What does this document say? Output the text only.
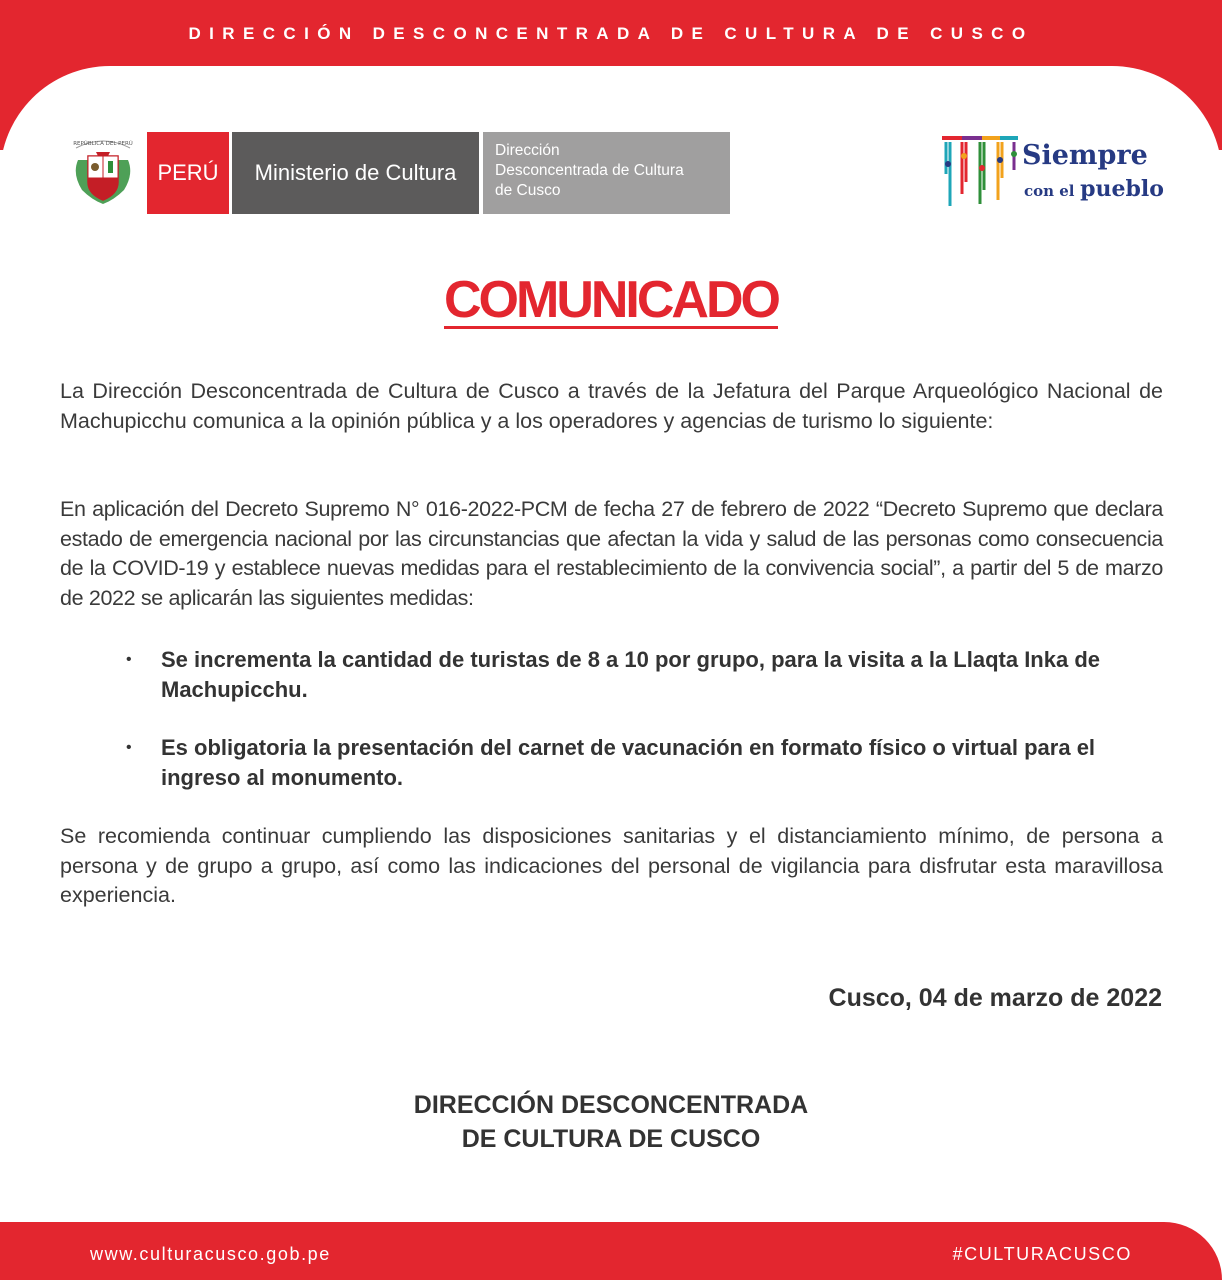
DIRECCIÓN DESCONCENTRADA DE CULTURA DE CUSCO
REPÚBLICA DEL PERÚ
PERÚ	Ministerio de Cultura
Dirección
Desconcentrada de Cultura
de Cusco
Siempre
con el pueblo
COMUNICADO
La Dirección Desconcentrada de Cultura de Cusco a través de la Jefatura del Parque Arqueológico Nacional de Machupicchu comunica a la opinión pública y a los operadores y agencias de turismo lo siguiente:
En aplicación del Decreto Supremo N° 016-2022-PCM de fecha 27 de febrero de 2022 “Decreto Supremo que declara estado de emergencia nacional por las circunstancias que afectan la vida y salud de las personas como consecuencia de la COVID-19 y establece nuevas medidas para el restablecimiento de la convivencia social”, a partir del 5 de marzo de 2022 se aplicarán las siguientes medidas:
• Se incrementa la cantidad de turistas de 8 a 10 por grupo, para la visita a la Llaqta Inka de Machupicchu.
• Es obligatoria la presentación del carnet de vacunación en formato físico o virtual para el ingreso al monumento.
Se recomienda continuar cumpliendo las disposiciones sanitarias y el distanciamiento mínimo, de persona a persona y de grupo a grupo, así como las indicaciones del personal de vigilancia para disfrutar esta maravillosa experiencia.
Cusco, 04 de marzo de 2022
DIRECCIÓN DESCONCENTRADA
DE CULTURA DE CUSCO
www.culturacusco.gob.pe	#CULTURACUSCO
